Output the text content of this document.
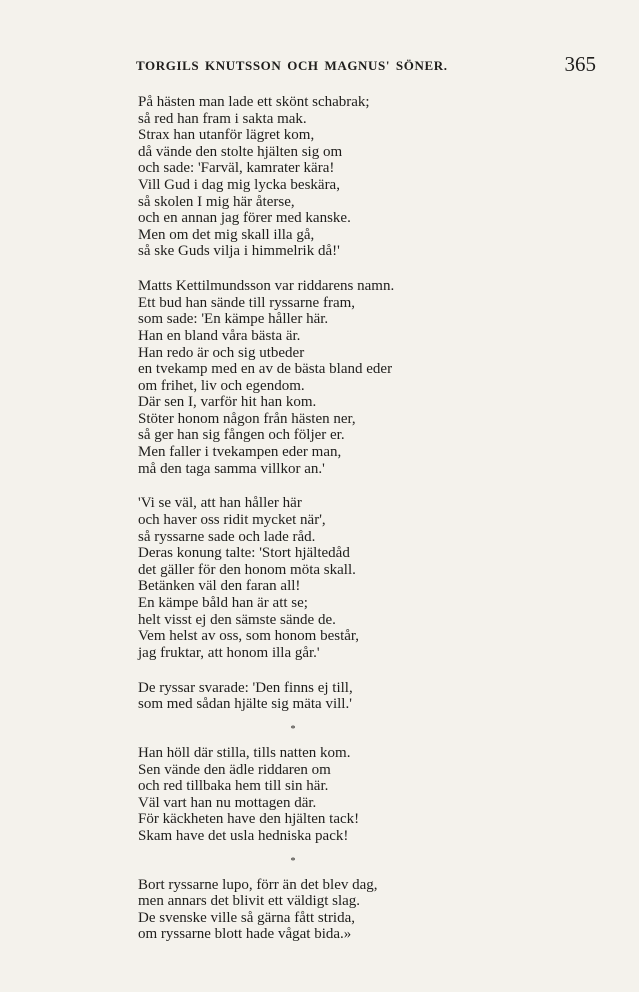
TORGILS KNUTSSON OCH MAGNUS' SÖNER.	365
På hästen man lade ett skönt schabrak;
så red han fram i sakta mak.
Strax han utanför lägret kom,
då vände den stolte hjälten sig om
och sade: 'Farväl, kamrater kära!
Vill Gud i dag mig lycka beskära,
så skolen I mig här återse,
och en annan jag förer med kanske.
Men om det mig skall illa gå,
så ske Guds vilja i himmelrik då!'
Matts Kettilmundsson var riddarens namn.
Ett bud han sände till ryssarne fram,
som sade: 'En kämpe håller här.
Han en bland våra bästa är.
Han redo är och sig utbeder
en tvekamp med en av de bästa bland eder
om frihet, liv och egendom.
Där sen I, varför hit han kom.
Stöter honom någon från hästen ner,
så ger han sig fången och följer er.
Men faller i tvekampen eder man,
må den taga samma villkor an.'
'Vi se väl, att han håller här
och haver oss ridit mycket när',
så ryssarne sade och lade råd.
Deras konung talte: 'Stort hjältedåd
det gäller för den honom möta skall.
Betänken väl den faran all!
En kämpe båld han är att se;
helt visst ej den sämste sände de.
Vem helst av oss, som honom består,
jag fruktar, att honom illa går.'
De ryssar svarade: 'Den finns ej till,
som med sådan hjälte sig mäta vill.'
*
Han höll där stilla, tills natten kom.
Sen vände den ädle riddaren om
och red tillbaka hem till sin här.
Väl vart han nu mottagen där.
För käckheten have den hjälten tack!
Skam have det usla hedniska pack!
*
Bort ryssarne lupo, förr än det blev dag,
men annars det blivit ett väldigt slag.
De svenske ville så gärna fått strida,
om ryssarne blott hade vågat bida.»
